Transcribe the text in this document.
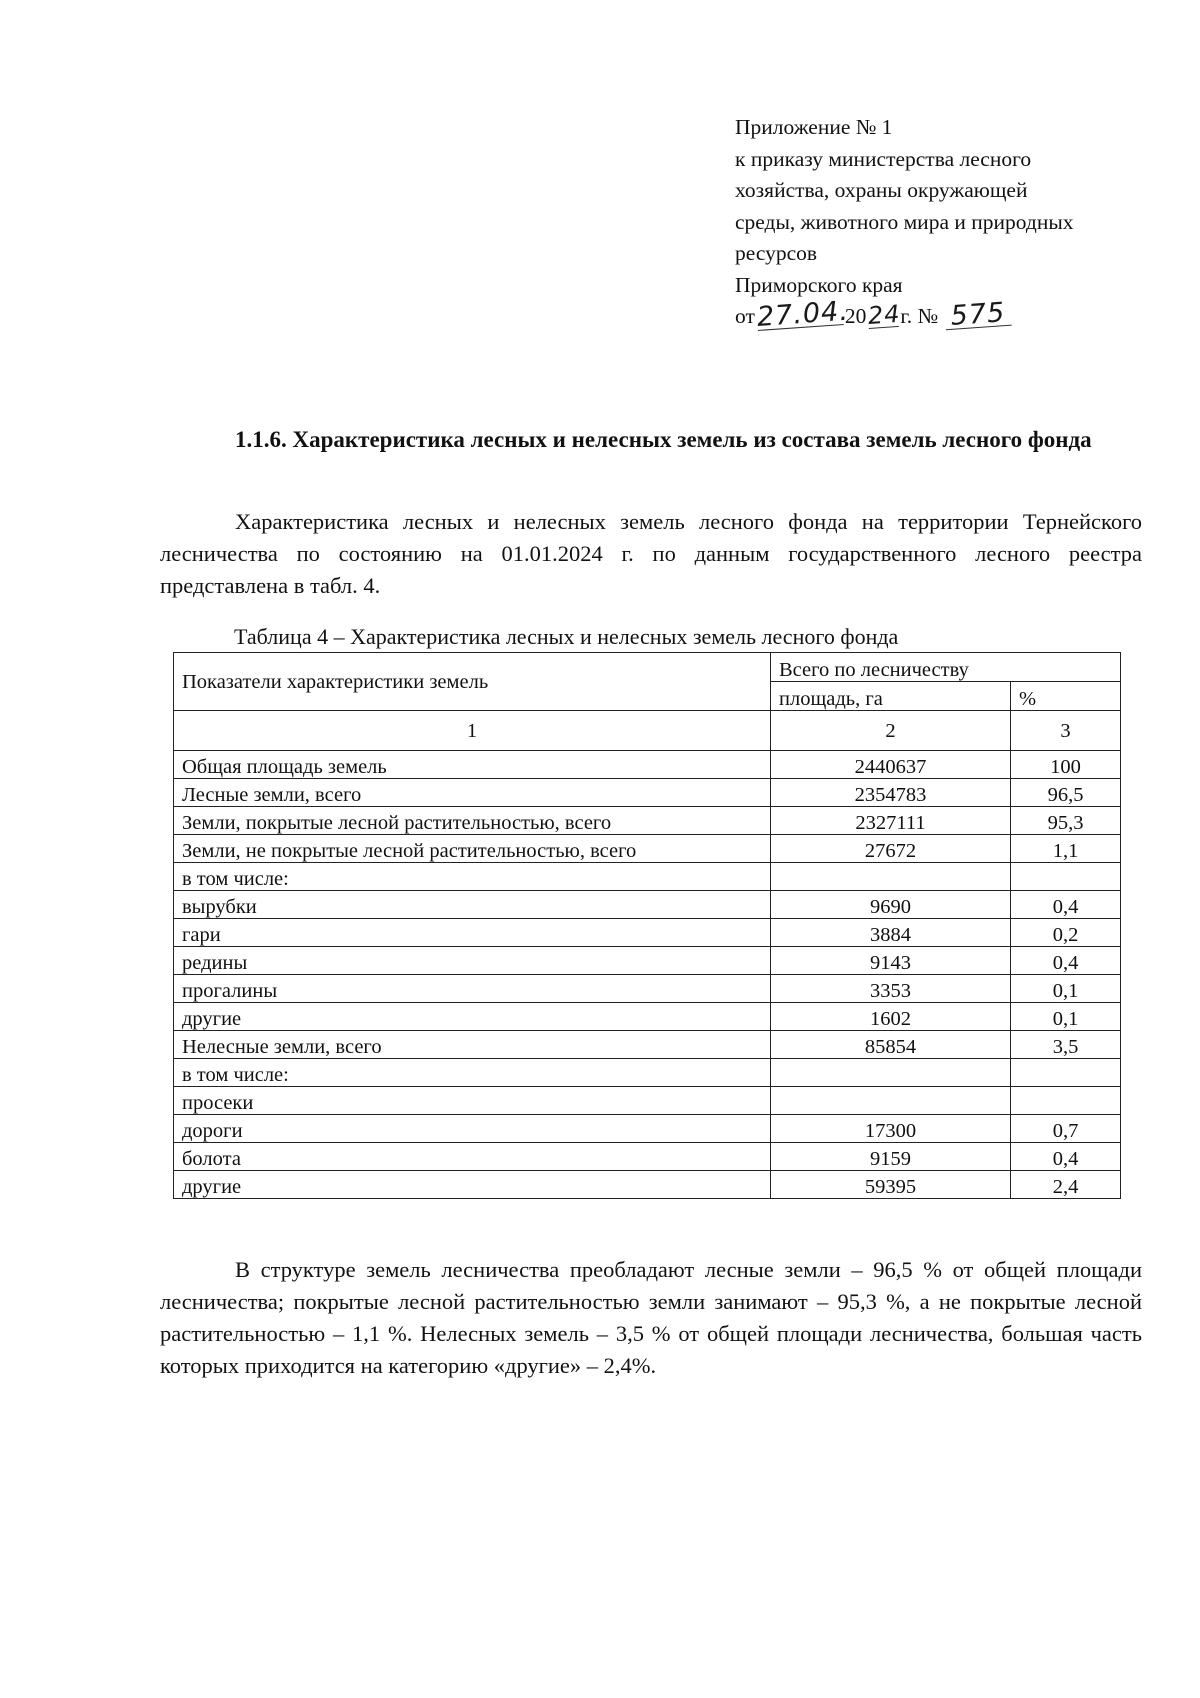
Приложение № 1
к приказу министерства лесного
хозяйства, охраны окружающей
среды, животного мира и природных
ресурсов
Приморского края
от27.04.2024г. № 575
1.1.6. Характеристика лесных и нелесных земель из состава земель лесного фонда
Характеристика лесных и нелесных земель лесного фонда на территории Тернейского лесничества по состоянию на 01.01.2024 г. по данным государственного лесного реестра представлена в табл. 4.
Таблица 4 – Характеристика лесных и нелесных земель лесного фонда
Показатели характеристики земель	Всего по лесничеству	
	площадь, га	%
1	2	3
Общая площадь земель	2440637	100
Лесные земли, всего	2354783	96,5
Земли, покрытые лесной растительностью, всего	2327111	95,3
Земли, не покрытые лесной растительностью, всего	27672	1,1
в том числе:		
вырубки	9690	0,4
гари	3884	0,2
редины	9143	0,4
прогалины	3353	0,1
другие	1602	0,1
Нелесные земли, всего	85854	3,5
в том числе:		
просеки		
дороги	17300	0,7
болота	9159	0,4
другие	59395	2,4
В структуре земель лесничества преобладают лесные земли – 96,5 % от общей площади лесничества; покрытые лесной растительностью земли занимают – 95,3 %, а не покрытые лесной растительностью – 1,1 %. Нелесных земель – 3,5 % от общей площади лесничества, большая часть которых приходится на категорию «другие» – 2,4%.
